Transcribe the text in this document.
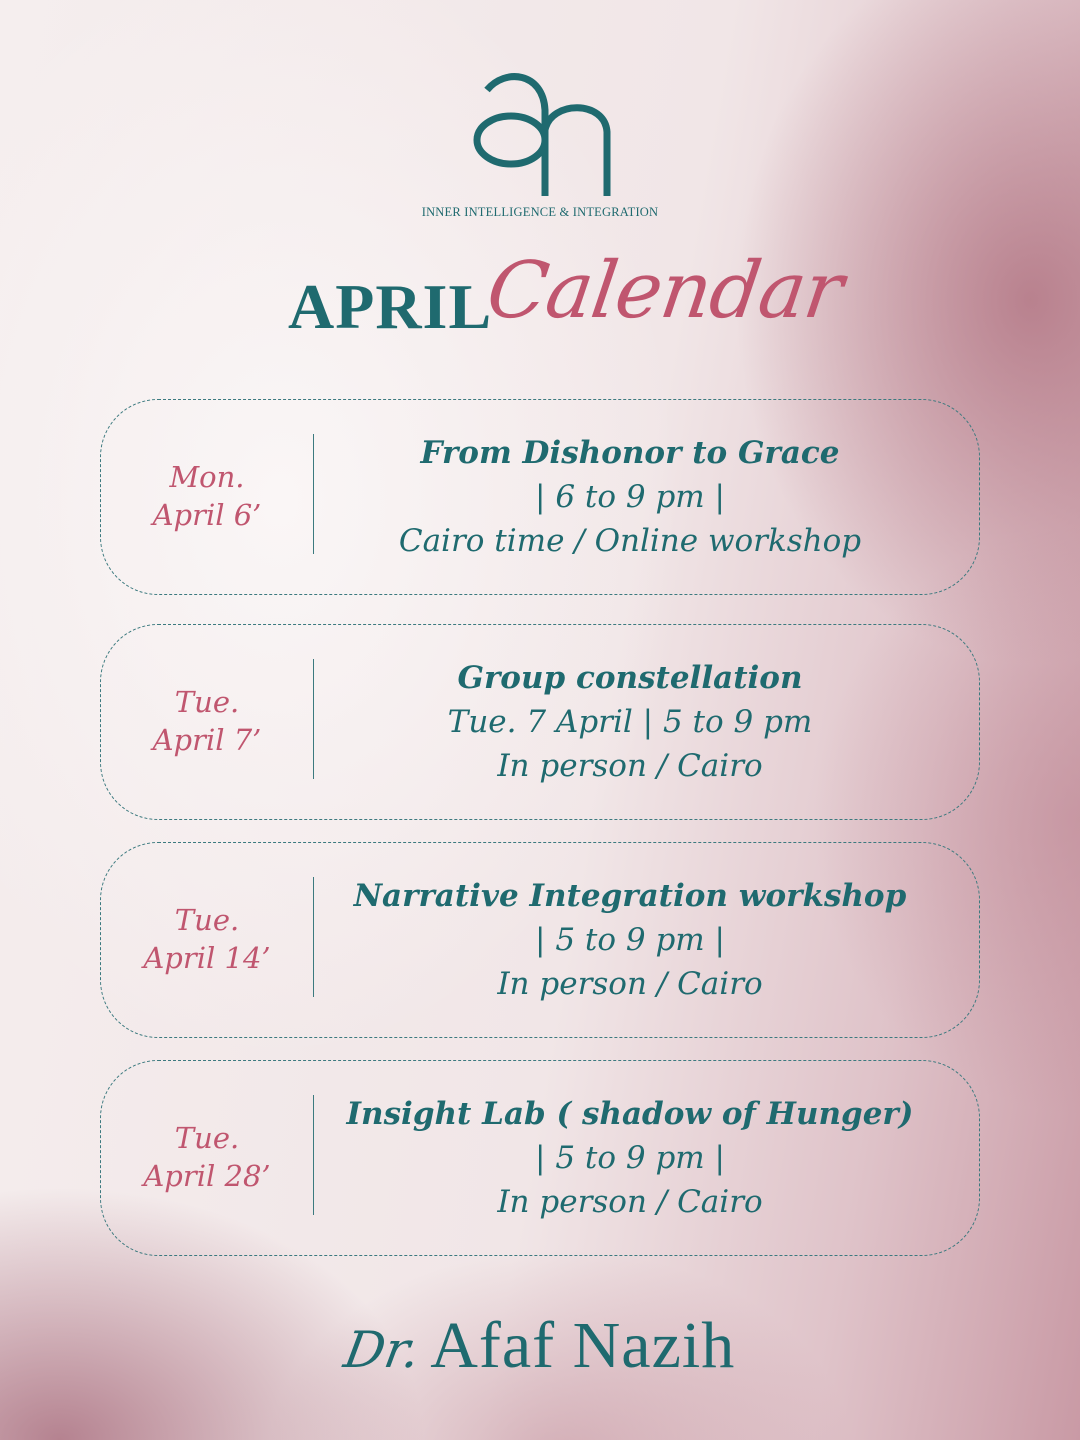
INNER INTELLIGENCE & INTEGRATION
APRIL
Calendar
Mon.
April 6’
From Dishonor to Grace
| 6 to 9 pm |
Cairo time / Online workshop
Tue.
April 7’
Group constellation
Tue. 7 April | 5 to 9 pm
In person / Cairo
Tue.
April 14’
Narrative Integration workshop
| 5 to 9 pm |
In person / Cairo
Tue.
April 28’
Insight Lab ( shadow of Hunger)
| 5 to 9 pm |
In person / Cairo
Dr. Afaf Nazih
